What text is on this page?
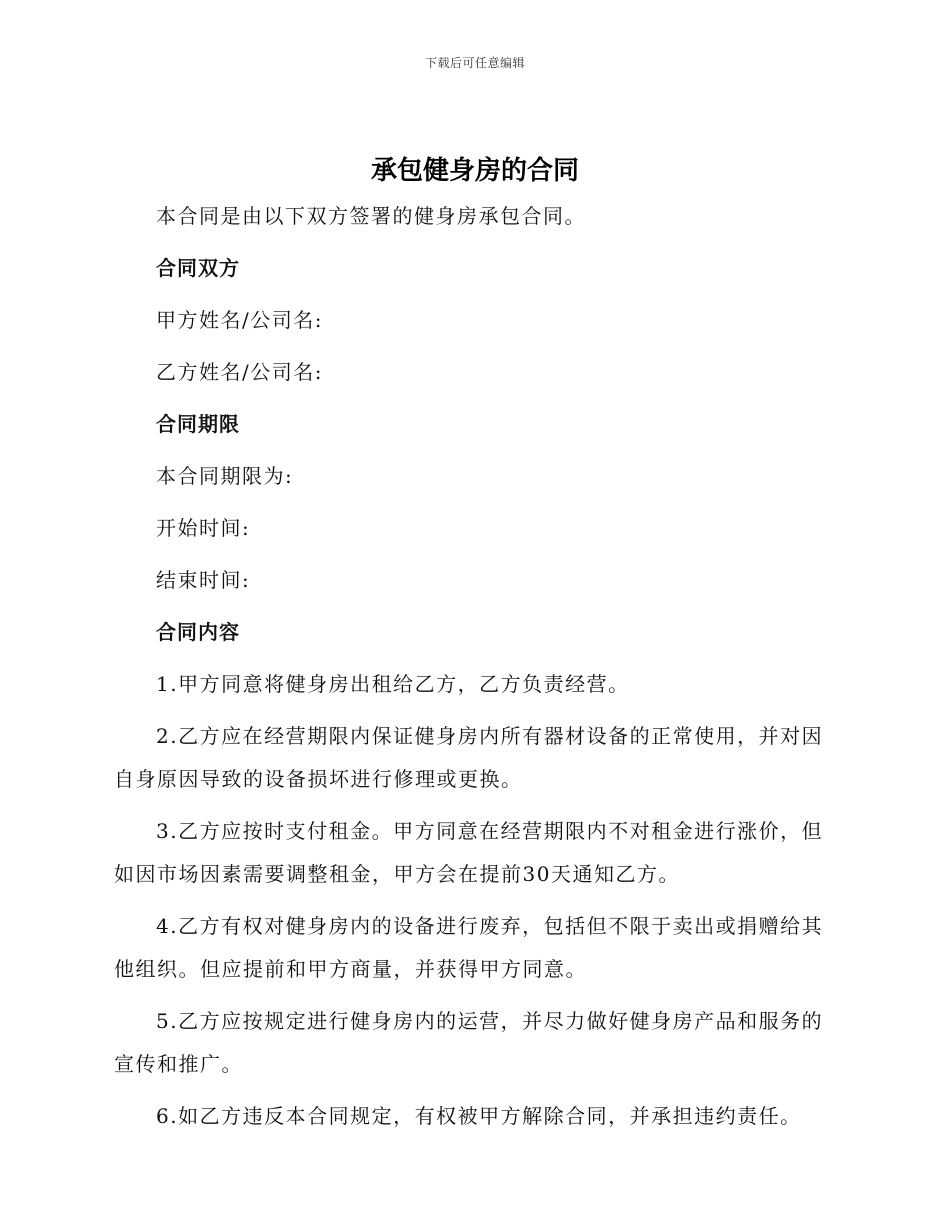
下载后可任意编辑
承包健身房的合同

本合同是由以下双方签署的健身房承包合同。

合同双方

甲方姓名/公司名:

乙方姓名/公司名:

合同期限

本合同期限为:

开始时间:

结束时间:

合同内容

1.甲方同意将健身房出租给乙方，乙方负责经营。

2.乙方应在经营期限内保证健身房内所有器材设备的正常使用，并对因自身原因导致的设备损坏进行修理或更换。

3.乙方应按时支付租金。甲方同意在经营期限内不对租金进行涨价，但如因市场因素需要调整租金，甲方会在提前30天通知乙方。

4.乙方有权对健身房内的设备进行废弃，包括但不限于卖出或捐赠给其他组织。但应提前和甲方商量，并获得甲方同意。

5.乙方应按规定进行健身房内的运营，并尽力做好健身房产品和服务的宣传和推广。

6.如乙方违反本合同规定，有权被甲方解除合同，并承担违约责任。
